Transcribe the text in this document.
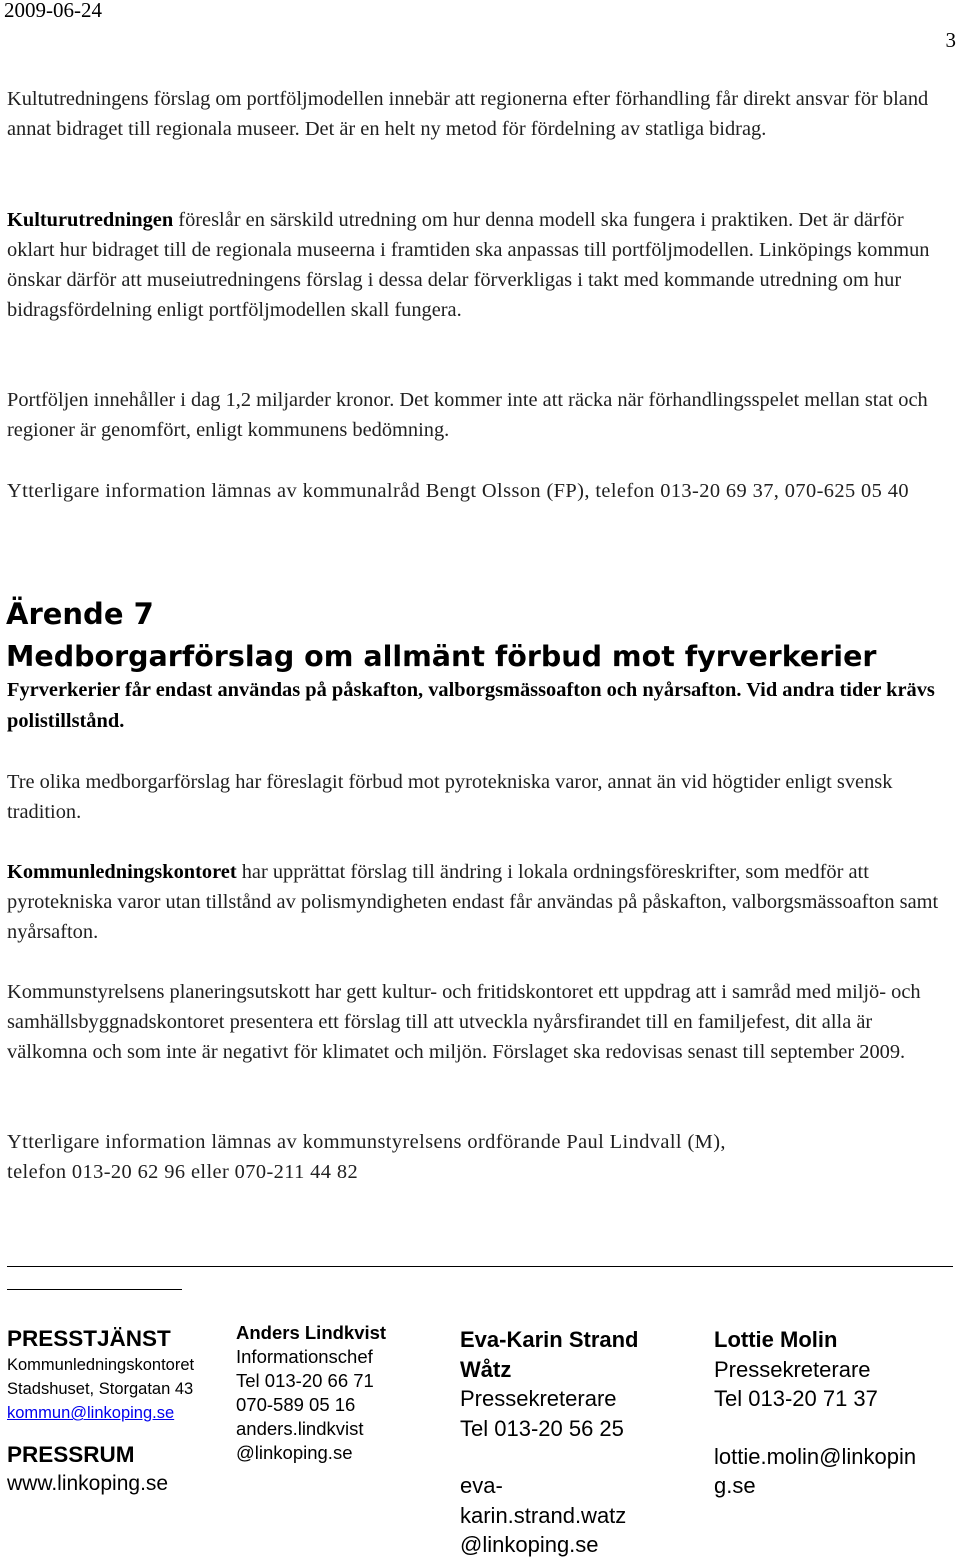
2009-06-24
3

Kultutredningens förslag om portföljmodellen innebär att regionerna efter förhandling får direkt ansvar för bland annat bidraget till regionala museer. Det är en helt ny metod för fördelning av statliga bidrag.

Kulturutredningen föreslår en särskild utredning om hur denna modell ska fungera i praktiken. Det är därför oklart hur bidraget till de regionala museerna i framtiden ska anpassas till portföljmodellen. Linköpings kommun önskar därför att museiutredningens förslag i dessa delar förverkligas i takt med kommande utredning om hur bidragsfördelning enligt portföljmodellen skall fungera.

Portföljen innehåller i dag 1,2 miljarder kronor. Det kommer inte att räcka när förhandlingsspelet mellan stat och regioner är genomfört, enligt kommunens bedömning.

Ytterligare information lämnas av kommunalråd Bengt Olsson (FP), telefon 013-20 69 37, 070-625 05 40

Ärende 7
Medborgarförslag om allmänt förbud mot fyrverkerier
Fyrverkerier får endast användas på påskafton, valborgsmässoafton och nyårsafton. Vid andra tider krävs polistillstånd.

Tre olika medborgarförslag har föreslagit förbud mot pyrotekniska varor, annat än vid högtider enligt svensk tradition.

Kommunledningskontoret har upprättat förslag till ändring i lokala ordningsföreskrifter, som medför att pyrotekniska varor utan tillstånd av polismyndigheten endast får användas på påskafton, valborgsmässoafton samt nyårsafton.

Kommunstyrelsens planeringsutskott har gett kultur- och fritidskontoret ett uppdrag att i samråd med miljö- och samhällsbyggnadskontoret presentera ett förslag till att utveckla nyårsfirandet till en familjefest, dit alla är välkomna och som inte är negativt för klimatet och miljön. Förslaget ska redovisas senast till september 2009.

Ytterligare information lämnas av kommunstyrelsens ordförande Paul Lindvall (M),
telefon 013-20 62 96 eller 070-211 44 82

PRESSTJÄNST
Kommunledningskontoret
Stadshuset, Storgatan 43
kommun@linkoping.se
PRESSRUM
www.linkoping.se
Anders Lindkvist
Informationschef
Tel 013-20 66 71
070-589 05 16
anders.lindkvist
@linkoping.se
Eva-Karin Strand
Wåtz
Pressekreterare
Tel 013-20 56 25
eva-
karin.strand.watz
@linkoping.se
Lottie Molin
Pressekreterare
Tel 013-20 71 37
lottie.molin@linkopin
g.se
